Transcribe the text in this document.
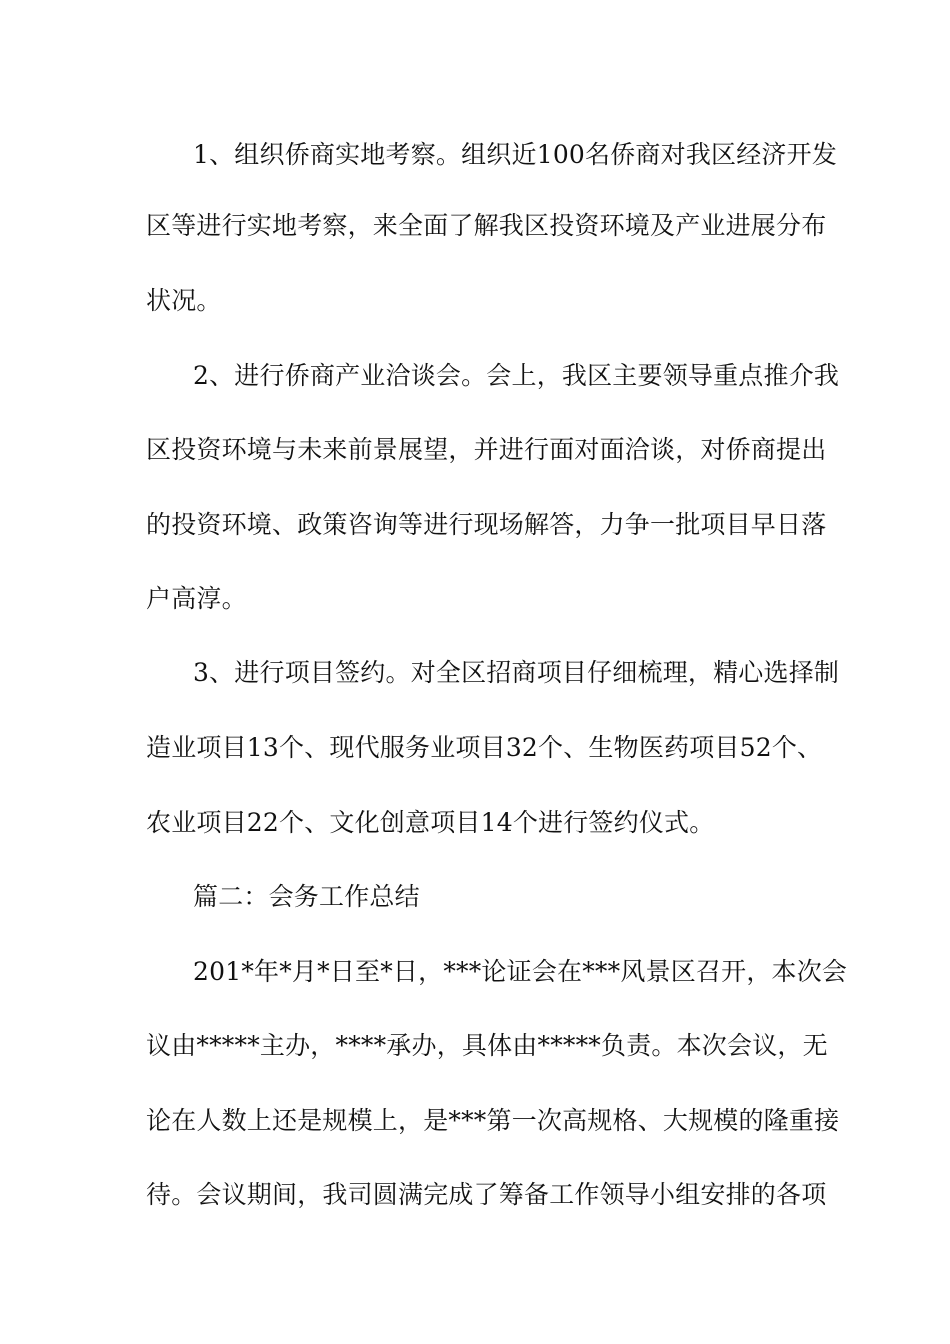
1、组织侨商实地考察。组织近100名侨商对我区经济开发
区等进行实地考察，来全面了解我区投资环境及产业进展分布
状况。
2、进行侨商产业洽谈会。会上，我区主要领导重点推介我
区投资环境与未来前景展望，并进行面对面洽谈，对侨商提出
的投资环境、政策咨询等进行现场解答，力争一批项目早日落
户高淳。
3、进行项目签约。对全区招商项目仔细梳理，精心选择制
造业项目13个、现代服务业项目32个、生物医药项目52个、
农业项目22个、文化创意项目14个进行签约仪式。
篇二：会务工作总结
201*年*月*日至*日，***论证会在***风景区召开，本次会
议由*****主办，****承办，具体由*****负责。本次会议，无
论在人数上还是规模上，是***第一次高规格、大规模的隆重接
待。会议期间，我司圆满完成了筹备工作领导小组安排的各项
